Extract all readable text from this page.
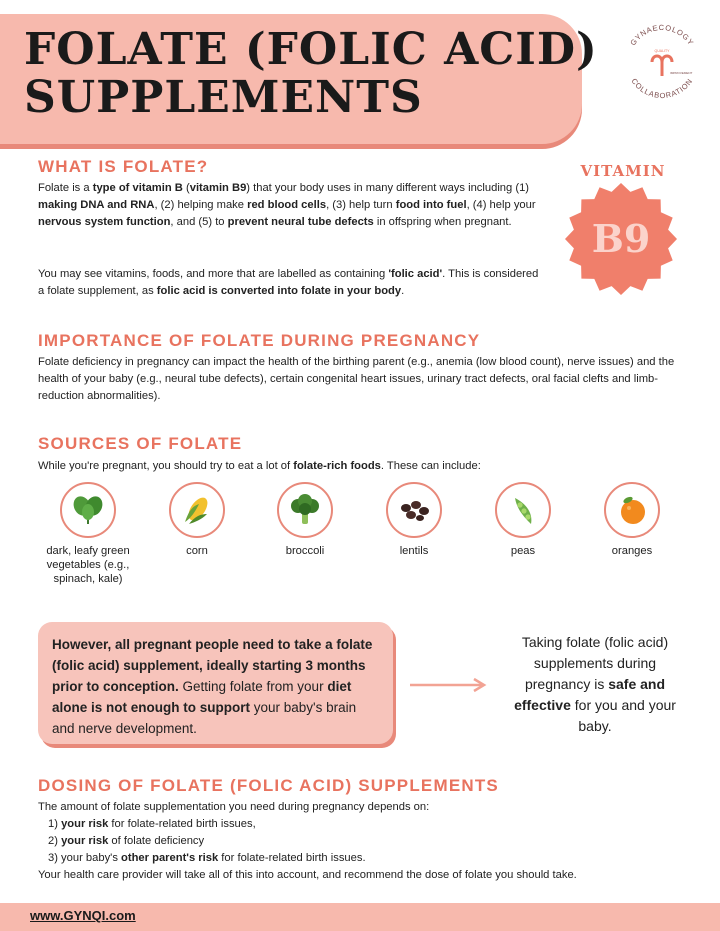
FOLATE (FOLIC ACID)
SUPPLEMENTS
GYNAECOLOGY
COLLABORATION
QUALITY
IMPROVEMENT
VITAMIN
B9
WHAT IS FOLATE?
Folate is a type of vitamin B (vitamin B9) that your body uses in many different ways including (1) making DNA and RNA, (2) helping make red blood cells, (3) help turn food into fuel, (4) help your nervous system function, and (5) to prevent neural tube defects in offspring when pregnant.
You may see vitamins, foods, and more that are labelled as containing 'folic acid'. This is considered a folate supplement, as folic acid is converted into folate in your body.
IMPORTANCE OF FOLATE DURING PREGNANCY
Folate deficiency in pregnancy can impact the health of the birthing parent (e.g., anemia (low blood count), nerve issues) and the health of your baby (e.g., neural tube defects), certain congenital heart issues, urinary tract defects, oral facial clefts and limb-reduction abnormalities).
SOURCES OF FOLATE
While you're pregnant, you should try to eat a lot of folate-rich foods. These can include:
dark, leafy green vegetables (e.g., spinach, kale)
corn	broccoli	lentils	peas	oranges
However, all pregnant people need to take a folate (folic acid) supplement, ideally starting 3 months prior to conception. Getting folate from your diet alone is not enough to support your baby's brain and nerve development.
Taking folate (folic acid) supplements during pregnancy is safe and effective for you and your baby.
DOSING OF FOLATE (FOLIC ACID) SUPPLEMENTS
The amount of folate supplementation you need during pregnancy depends on:
1) your risk for folate-related birth issues,
2) your risk of folate deficiency
3) your baby's other parent's risk for folate-related birth issues.
Your health care provider will take all of this into account, and recommend the dose of folate you should take.
www.GYNQI.com
